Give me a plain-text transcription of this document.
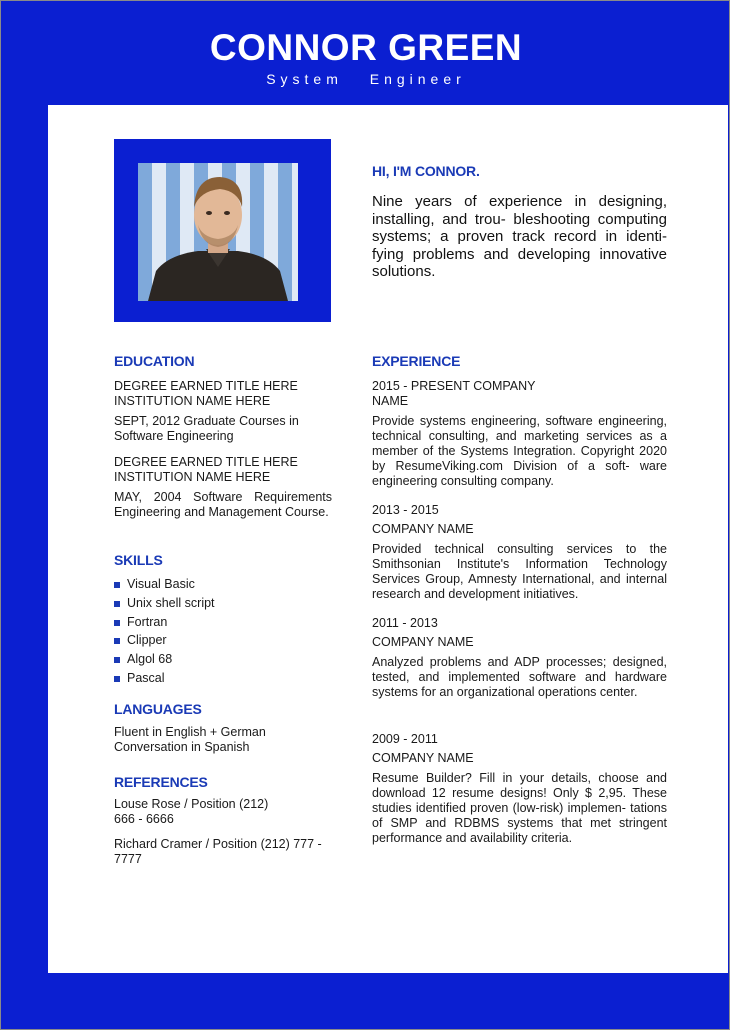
CONNOR GREEN
System Engineer
HI, I'M CONNOR.
Nine years of experience in designing, installing, and trou- bleshooting computing systems; a proven track record in identi- fying problems and developing innovative solutions.
EDUCATION
DEGREE EARNED TITLE HERE
INSTITUTION NAME HERE
SEPT, 2012 Graduate Courses in Software Engineering
DEGREE EARNED TITLE HERE
INSTITUTION NAME HERE
MAY, 2004 Software Requirements Engineering and Management Course.
SKILLS
Visual Basic
Unix shell script
Fortran
Clipper
Algol 68
Pascal
LANGUAGES
Fluent in English + German
Conversation in Spanish
REFERENCES
Louse Rose / Position (212) 666 - 6666
Richard Cramer / Position (212) 777 - 7777
EXPERIENCE
2015 - PRESENT COMPANY NAME
Provide systems engineering, software engineering, technical consulting, and marketing services as a member of the Systems Integration. Copyright 2020 by ResumeViking.com Division of a soft- ware engineering consulting company.
2013 - 2015
COMPANY NAME
Provided technical consulting services to the Smithsonian Institute's Information Technology Services Group, Amnesty International, and internal research and development initiatives.
2011 - 2013
COMPANY NAME
Analyzed problems and ADP processes; designed, tested, and implemented software and hardware systems for an organizational operations center.
2009 - 2011
COMPANY NAME
Resume Builder? Fill in your details, choose and download 12 resume designs! Only $ 2,95. These studies identified proven (low-risk) implemen- tations of SMP and RDBMS systems that met stringent performance and availability criteria.
